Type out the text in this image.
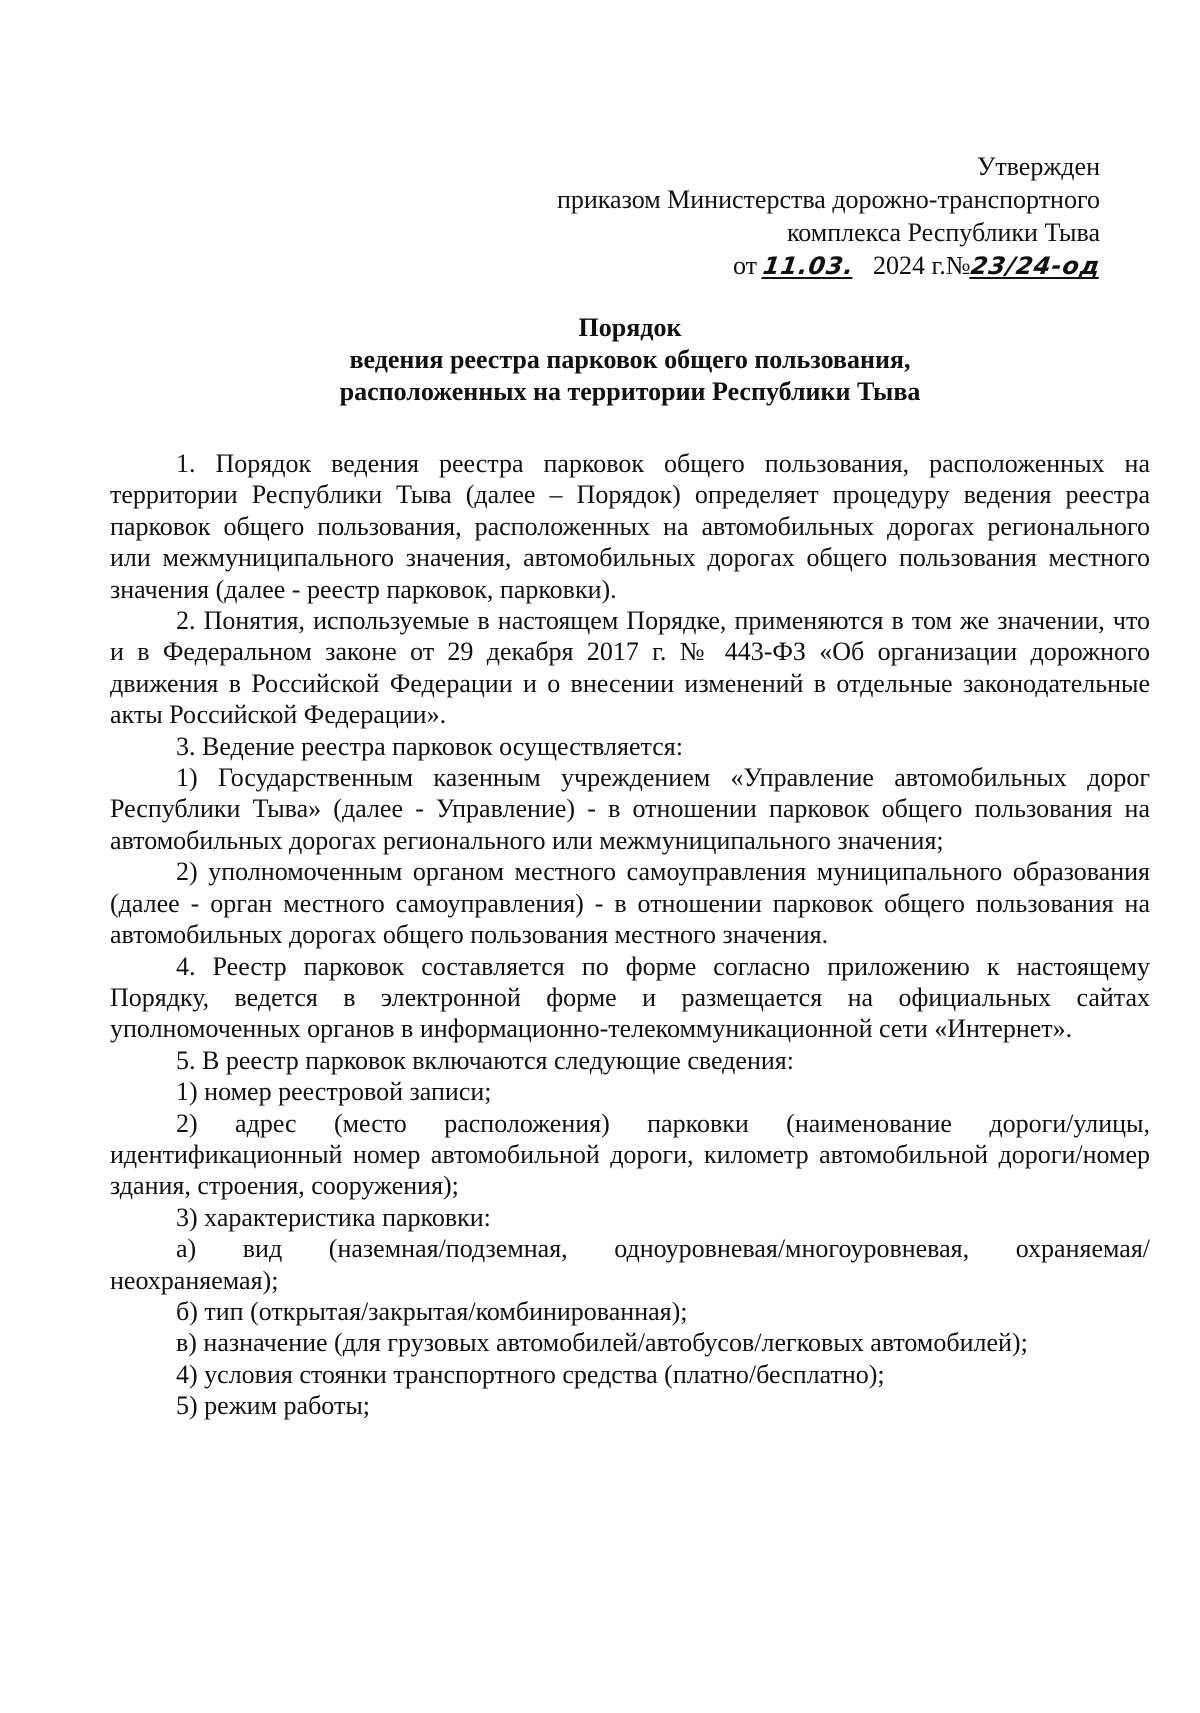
Утвержден
приказом Министерства дорожно-транспортного
комплекса Республики Тыва
от 11.03. 2024 г.№23/24-од
Порядок
ведения реестра парковок общего пользования,
расположенных на территории Республики Тыва

1. Порядок ведения реестра парковок общего пользования, расположенных на территории Республики Тыва (далее – Порядок) определяет процедуру ведения реестра парковок общего пользования, расположенных на автомобильных дорогах регионального или межмуниципального значения, автомобильных дорогах общего пользования местного значения (далее - реестр парковок, парковки).

2. Понятия, используемые в настоящем Порядке, применяются в том же значении, что и в Федеральном законе от 29 декабря 2017 г. № 443-ФЗ «Об организации дорожного движения в Российской Федерации и о внесении изменений в отдельные законодательные акты Российской Федерации».

3. Ведение реестра парковок осуществляется:

1) Государственным казенным учреждением «Управление автомобильных дорог Республики Тыва» (далее - Управление) - в отношении парковок общего пользования на автомобильных дорогах регионального или межмуниципального значения;

2) уполномоченным органом местного самоуправления муниципального образования (далее - орган местного самоуправления) - в отношении парковок общего пользования на автомобильных дорогах общего пользования местного значения.

4. Реестр парковок составляется по форме согласно приложению к настоящему Порядку, ведется в электронной форме и размещается на официальных сайтах уполномоченных органов в информационно-телекоммуникационной сети «Интернет».

5. В реестр парковок включаются следующие сведения:

1) номер реестровой записи;

2) адрес (место расположения) парковки (наименование дороги/улицы, идентификационный номер автомобильной дороги, километр автомобильной дороги/номер здания, строения, сооружения);

3) характеристика парковки:

а) вид (наземная/подземная, одноуровневая/многоуровневая, охраняемая/неохраняемая);

б) тип (открытая/закрытая/комбинированная);

в) назначение (для грузовых автомобилей/автобусов/легковых автомобилей);

4) условия стоянки транспортного средства (платно/бесплатно);

5) режим работы;
